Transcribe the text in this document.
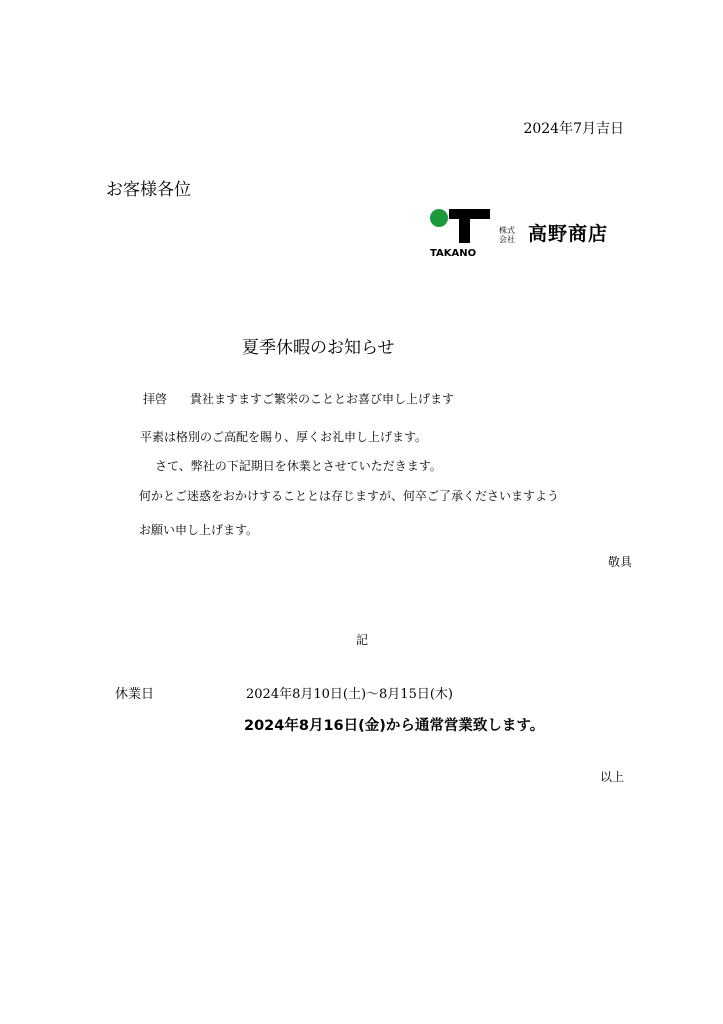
2024年7月吉日
お客様各位
TAKANO
株式会社 高野商店
夏季休暇のお知らせ
拝啓 貴社ますますご繁栄のこととお喜び申し上げます
平素は格別のご高配を賜り、厚くお礼申し上げます。
さて、弊社の下記期日を休業とさせていただきます。
何かとご迷惑をおかけすることとは存じますが、何卒ご了承くださいますよう
お願い申し上げます。
敬具
記
休業日	2024年8月10日(土)～8月15日(木)
2024年8月16日(金)から通常営業致します。
以上
